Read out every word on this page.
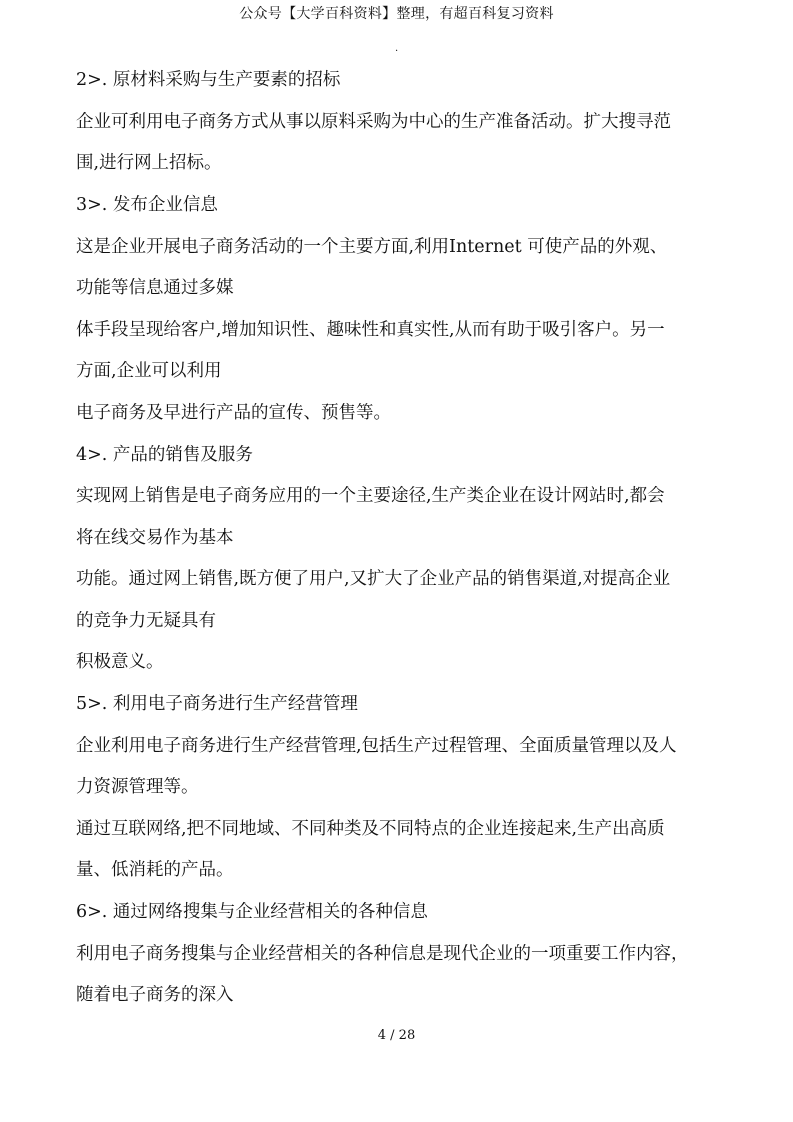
公众号【大学百科资料】整理，有超百科复习资料
.
2>. 原材料采购与生产要素的招标
企业可利用电子商务方式从事以原料采购为中心的生产准备活动。扩大搜寻范
围,进行网上招标。
3>. 发布企业信息
这是企业开展电子商务活动的一个主要方面,利用Internet 可使产品的外观、
功能等信息通过多媒
体手段呈现给客户,增加知识性、趣味性和真实性,从而有助于吸引客户。另一
方面,企业可以利用
电子商务及早进行产品的宣传、预售等。
4>. 产品的销售及服务
实现网上销售是电子商务应用的一个主要途径,生产类企业在设计网站时,都会
将在线交易作为基本
功能。通过网上销售,既方便了用户,又扩大了企业产品的销售渠道,对提高企业
的竞争力无疑具有
积极意义。
5>. 利用电子商务进行生产经营管理
企业利用电子商务进行生产经营管理,包括生产过程管理、全面质量管理以及人
力资源管理等。
通过互联网络,把不同地域、不同种类及不同特点的企业连接起来,生产出高质
量、低消耗的产品。
6>. 通过网络搜集与企业经营相关的各种信息
利用电子商务搜集与企业经营相关的各种信息是现代企业的一项重要工作内容，
随着电子商务的深入
4 / 28
